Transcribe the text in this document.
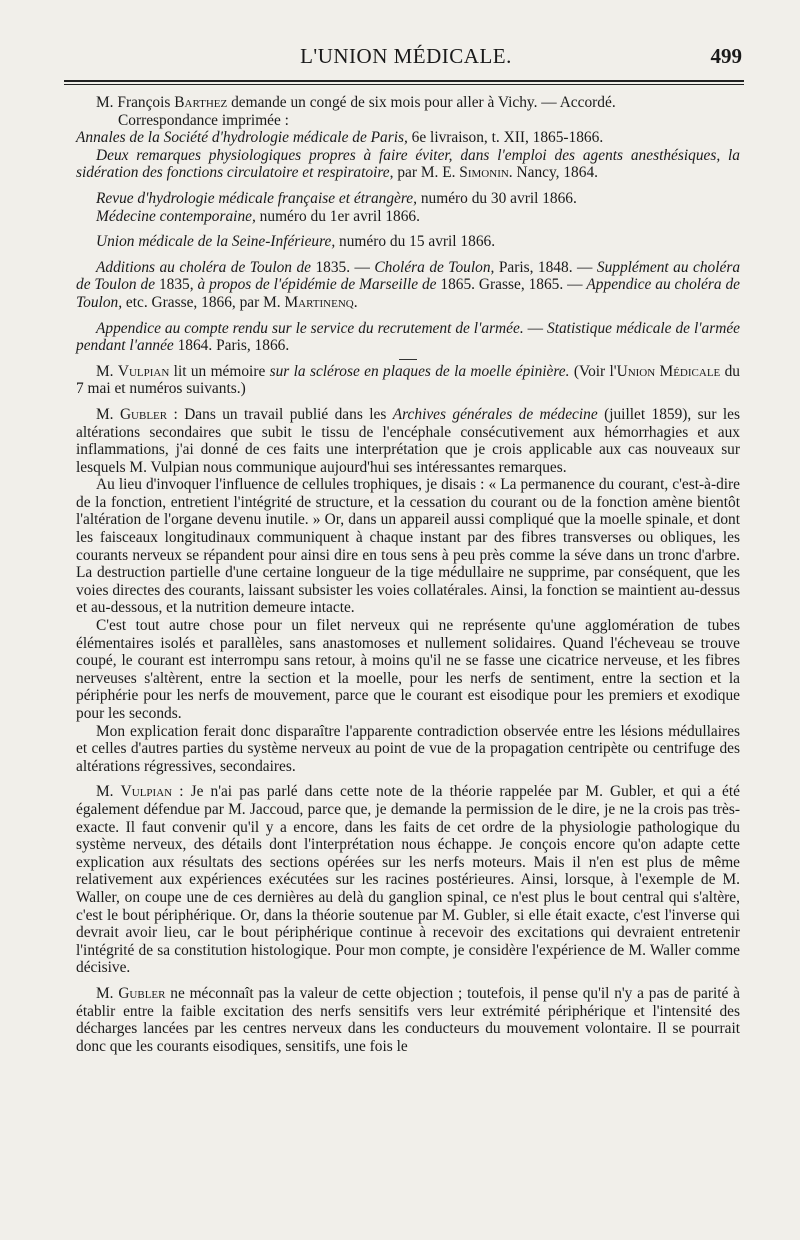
L'UNION MÉDICALE.	499

M. François Barthez demande un congé de six mois pour aller à Vichy. — Accordé.

Correspondance imprimée :

Annales de la Société d'hydrologie médicale de Paris, 6e livraison, t. XII, 1865-1866.

Deux remarques physiologiques propres à faire éviter, dans l'emploi des agents anesthésiques, la sidération des fonctions circulatoire et respiratoire, par M. E. Simonin. Nancy, 1864.

Revue d'hydrologie médicale française et étrangère, numéro du 30 avril 1866.

Médecine contemporaine, numéro du 1er avril 1866.

Union médicale de la Seine-Inférieure, numéro du 15 avril 1866.

Additions au choléra de Toulon de 1835. — Choléra de Toulon, Paris, 1848. — Supplément au choléra de Toulon de 1835, à propos de l'épidémie de Marseille de 1865. Grasse, 1865. — Appendice au choléra de Toulon, etc. Grasse, 1866, par M. Martinenq.

Appendice au compte rendu sur le service du recrutement de l'armée. — Statistique médicale de l'armée pendant l'année 1864. Paris, 1866.

M. Vulpian lit un mémoire sur la sclérose en plaques de la moelle épinière. (Voir l'Union Médicale du 7 mai et numéros suivants.)

M. Gubler : Dans un travail publié dans les Archives générales de médecine (juillet 1859), sur les altérations secondaires que subit le tissu de l'encéphale consécutivement aux hémorrhagies et aux inflammations, j'ai donné de ces faits une interprétation que je crois applicable aux cas nouveaux sur lesquels M. Vulpian nous communique aujourd'hui ses intéressantes remarques.

Au lieu d'invoquer l'influence de cellules trophiques, je disais : « La permanence du courant, c'est-à-dire de la fonction, entretient l'intégrité de structure, et la cessation du courant ou de la fonction amène bientôt l'altération de l'organe devenu inutile. » Or, dans un appareil aussi compliqué que la moelle spinale, et dont les faisceaux longitudinaux communiquent à chaque instant par des fibres transverses ou obliques, les courants nerveux se répandent pour ainsi dire en tous sens à peu près comme la séve dans un tronc d'arbre. La destruction partielle d'une certaine longueur de la tige médullaire ne supprime, par conséquent, que les voies directes des courants, laissant subsister les voies collatérales. Ainsi, la fonction se maintient au-dessus et au-dessous, et la nutrition demeure intacte.

C'est tout autre chose pour un filet nerveux qui ne représente qu'une agglomération de tubes élémentaires isolés et parallèles, sans anastomoses et nullement solidaires. Quand l'écheveau se trouve coupé, le courant est interrompu sans retour, à moins qu'il ne se fasse une cicatrice nerveuse, et les fibres nerveuses s'altèrent, entre la section et la moelle, pour les nerfs de sentiment, entre la section et la périphérie pour les nerfs de mouvement, parce que le courant est eisodique pour les premiers et exodique pour les seconds.

Mon explication ferait donc disparaître l'apparente contradiction observée entre les lésions médullaires et celles d'autres parties du système nerveux au point de vue de la propagation centripète ou centrifuge des altérations régressives, secondaires.

M. Vulpian : Je n'ai pas parlé dans cette note de la théorie rappelée par M. Gubler, et qui a été également défendue par M. Jaccoud, parce que, je demande la permission de le dire, je ne la crois pas très-exacte. Il faut convenir qu'il y a encore, dans les faits de cet ordre de la physiologie pathologique du système nerveux, des détails dont l'interprétation nous échappe. Je conçois encore qu'on adapte cette explication aux résultats des sections opérées sur les nerfs moteurs. Mais il n'en est plus de même relativement aux expériences exécutées sur les racines postérieures. Ainsi, lorsque, à l'exemple de M. Waller, on coupe une de ces dernières au delà du ganglion spinal, ce n'est plus le bout central qui s'altère, c'est le bout périphérique. Or, dans la théorie soutenue par M. Gubler, si elle était exacte, c'est l'inverse qui devrait avoir lieu, car le bout périphérique continue à recevoir des excitations qui devraient entretenir l'intégrité de sa constitution histologique. Pour mon compte, je considère l'expérience de M. Waller comme décisive.

M. Gubler ne méconnaît pas la valeur de cette objection ; toutefois, il pense qu'il n'y a pas de parité à établir entre la faible excitation des nerfs sensitifs vers leur extrémité périphérique et l'intensité des décharges lancées par les centres nerveux dans les conducteurs du mouvement volontaire. Il se pourrait donc que les courants eisodiques, sensitifs, une fois le
